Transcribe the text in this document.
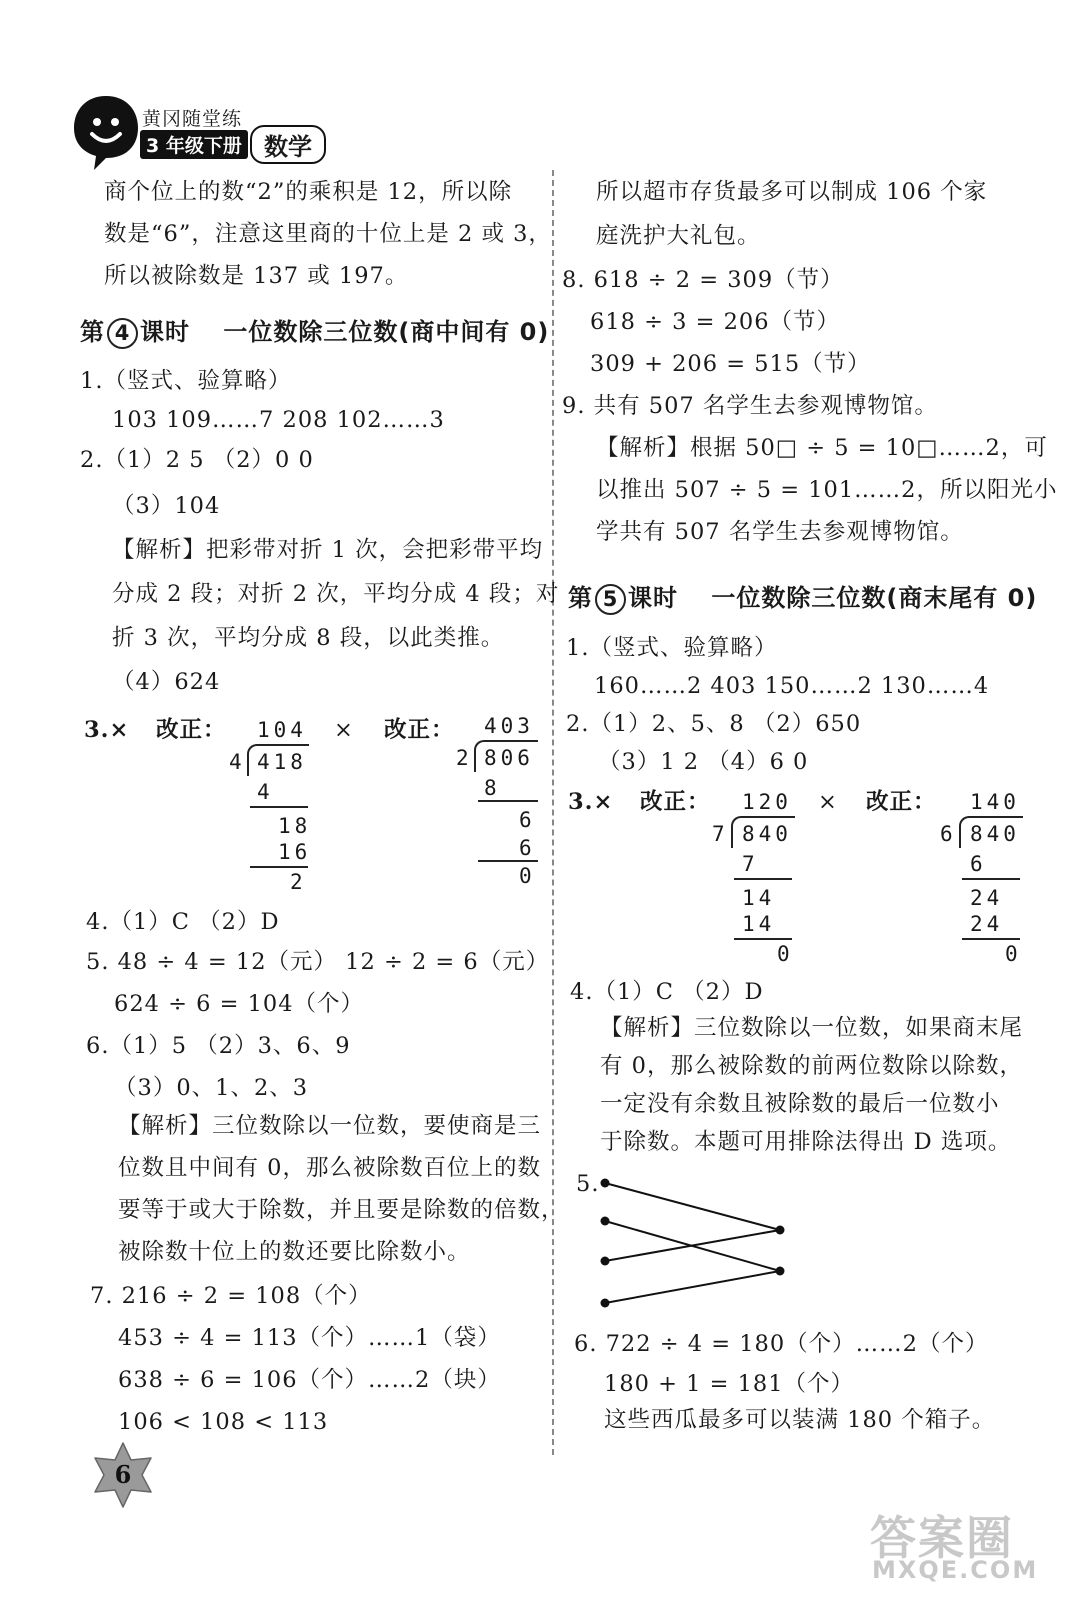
黄冈随堂练
3 年级下册 数学
商个位上的数“2”的乘积是 12，所以除
数是“6”，注意这里商的十位上是 2 或 3，
所以被除数是 137 或 197。
第 4 课时 一位数除三位数(商中间有 0)
1.（竖式、验算略）
103 109……7 208 102……3
2.（1）2 5 （2）0 0
（3）104
【解析】把彩带对折 1 次，会把彩带平均
分成 2 段；对折 2 次，平均分成 4 段；对
折 3 次，平均分成 8 段，以此类推。
（4）624
3.× 改正：	× 改正：
104
4 418
4
18
16
2
403
2 806
8
6
6
0
4.（1）C （2）D
5. 48 ÷ 4 = 12（元） 12 ÷ 2 = 6（元）
624 ÷ 6 = 104（个）
6.（1）5 （2）3、6、9
（3）0、1、2、3
【解析】三位数除以一位数，要使商是三
位数且中间有 0，那么被除数百位上的数
要等于或大于除数，并且要是除数的倍数，
被除数十位上的数还要比除数小。
7. 216 ÷ 2 = 108（个）
453 ÷ 4 = 113（个）……1（袋）
638 ÷ 6 = 106（个）……2（块）
106 < 108 < 113
所以超市存货最多可以制成 106 个家
庭洗护大礼包。
8. 618 ÷ 2 = 309（节）
618 ÷ 3 = 206（节）
309 + 206 = 515（节）
9. 共有 507 名学生去参观博物馆。
【解析】根据 50□ ÷ 5 = 10□……2，可
以推出 507 ÷ 5 = 101……2，所以阳光小
学共有 507 名学生去参观博物馆。
第 5 课时 一位数除三位数(商末尾有 0)
1.（竖式、验算略）
160……2 403 150……2 130……4
2.（1）2、5、8 （2）650
（3）1 2 （4）6 0
3.× 改正：	× 改正：
120
7 840
7
14
14
0
140
6 840
6
24
24
0
4.（1）C （2）D
【解析】三位数除以一位数，如果商末尾
有 0，那么被除数的前两位数除以除数，
一定没有余数且被除数的最后一位数小
于除数。本题可用排除法得出 D 选项。
5.
6. 722 ÷ 4 = 180（个）……2（个）
180 + 1 = 181（个）
这些西瓜最多可以装满 180 个箱子。
6
答案圈
MXQE.COM
